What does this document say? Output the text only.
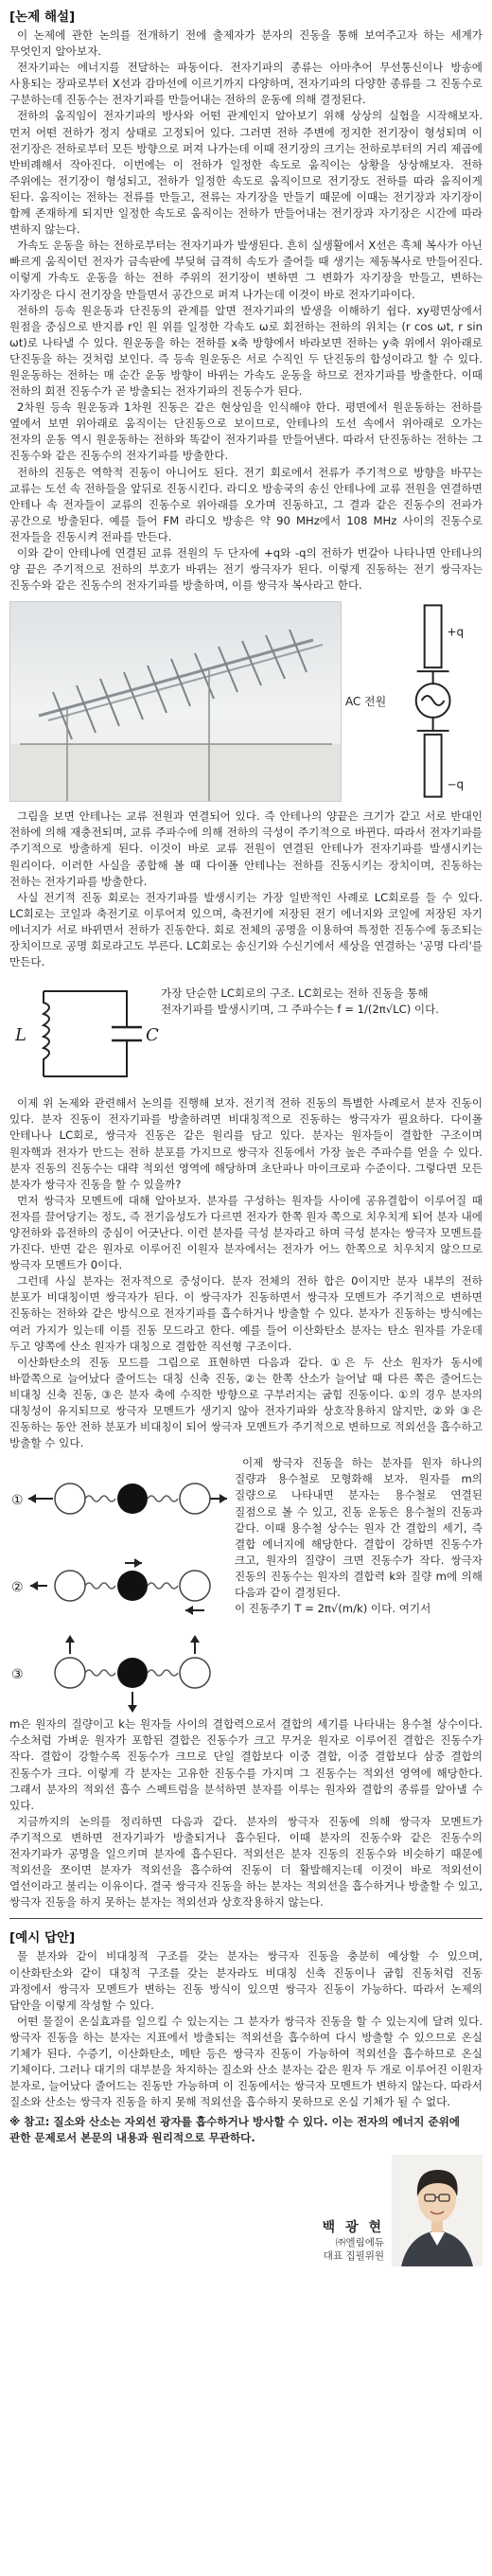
[논제 해설]

이 논제에 관한 논의를 전개하기 전에 출제자가 분자의 진동을 통해 보여주고자 하는 세계가 무엇인지 알아보자.

전자기파는 에너지를 전달하는 파동이다. 전자기파의 종류는 아마추어 무선통신이나 방송에 사용되는 장파로부터 X선과 감마선에 이르기까지 다양하며, 전자기파의 다양한 종류를 그 진동수로 구분하는데 진동수는 전자기파를 만들어내는 전하의 운동에 의해 결정된다.

전하의 움직임이 전자기파의 방사와 어떤 관계인지 알아보기 위해 상상의 실험을 시작해보자. 먼저 어떤 전하가 정지 상태로 고정되어 있다. 그러면 전하 주변에 정지한 전기장이 형성되며 이 전기장은 전하로부터 모든 방향으로 퍼져 나가는데 이때 전기장의 크기는 전하로부터의 거리 제곱에 반비례해서 작아진다. 이번에는 이 전하가 일정한 속도로 움직이는 상황을 상상해보자. 전하 주위에는 전기장이 형성되고, 전하가 일정한 속도로 움직이므로 전기장도 전하를 따라 움직이게 된다. 움직이는 전하는 전류를 만들고, 전류는 자기장을 만들기 때문에 이때는 전기장과 자기장이 함께 존재하게 되지만 일정한 속도로 움직이는 전하가 만들어내는 전기장과 자기장은 시간에 따라 변하지 않는다.

가속도 운동을 하는 전하로부터는 전자기파가 발생된다. 흔히 실생활에서 X선은 흑체 복사가 아닌 빠르게 움직이던 전자가 금속판에 부딪혀 급격히 속도가 줄어들 때 생기는 제동복사로 만들어진다. 이렇게 가속도 운동을 하는 전하 주위의 전기장이 변하면 그 변화가 자기장을 만들고, 변하는 자기장은 다시 전기장을 만들면서 공간으로 퍼져 나가는데 이것이 바로 전자기파이다.

전하의 등속 원운동과 단진동의 관계를 알면 전자기파의 발생을 이해하기 쉽다. xy평면상에서 원점을 중심으로 반지름 r인 원 위를 일정한 각속도 ω로 회전하는 전하의 위치는 (r cos ωt, r sin ωt)로 나타낼 수 있다. 원운동을 하는 전하를 x축 방향에서 바라보면 전하는 y축 위에서 위아래로 단진동을 하는 것처럼 보인다. 즉 등속 원운동은 서로 수직인 두 단진동의 합성이라고 할 수 있다. 원운동하는 전하는 매 순간 운동 방향이 바뀌는 가속도 운동을 하므로 전자기파를 방출한다. 이때 전하의 회전 진동수가 곧 방출되는 전자기파의 진동수가 된다.

2차원 등속 원운동과 1차원 진동은 같은 현상임을 인식해야 한다. 평면에서 원운동하는 전하를 옆에서 보면 위아래로 움직이는 단진동으로 보이므로, 안테나의 도선 속에서 위아래로 오가는 전자의 운동 역시 원운동하는 전하와 똑같이 전자기파를 만들어낸다. 따라서 단진동하는 전하는 그 진동수와 같은 진동수의 전자기파를 방출한다.

전하의 진동은 역학적 진동이 아니어도 된다. 전기 회로에서 전류가 주기적으로 방향을 바꾸는 교류는 도선 속 전하들을 앞뒤로 진동시킨다. 라디오 방송국의 송신 안테나에 교류 전원을 연결하면 안테나 속 전자들이 교류의 진동수로 위아래를 오가며 진동하고, 그 결과 같은 진동수의 전파가 공간으로 방출된다. 예를 들어 FM 라디오 방송은 약 90 MHz에서 108 MHz 사이의 진동수로 전자들을 진동시켜 전파를 만든다.

이와 같이 안테나에 연결된 교류 전원의 두 단자에 +q와 -q의 전하가 번갈아 나타나면 안테나의 양 끝은 주기적으로 전하의 부호가 바뀌는 전기 쌍극자가 된다. 이렇게 진동하는 전기 쌍극자는 진동수와 같은 진동수의 전자기파를 방출하며, 이를 쌍극자 복사라고 한다.

AC 전원
+q
−q

그림을 보면 안테나는 교류 전원과 연결되어 있다. 즉 안테나의 양끝은 크기가 같고 서로 반대인 전하에 의해 재충전되며, 교류 주파수에 의해 전하의 극성이 주기적으로 바뀐다. 따라서 전자기파를 주기적으로 방출하게 된다. 이것이 바로 교류 전원이 연결된 안테나가 전자기파를 발생시키는 원리이다. 이러한 사실을 종합해 볼 때 다이폴 안테나는 전하를 진동시키는 장치이며, 진동하는 전하는 전자기파를 방출한다.

사실 전기적 진동 회로는 전자기파를 발생시키는 가장 일반적인 사례로 LC회로를 들 수 있다. LC회로는 코일과 축전기로 이루어져 있으며, 축전기에 저장된 전기 에너지와 코일에 저장된 자기 에너지가 서로 바뀌면서 전하가 진동한다. 회로 전체의 공명을 이용하여 특정한 진동수에 동조되는 장치이므로 공명 회로라고도 부른다. LC회로는 송신기와 수신기에서 세상을 연결하는 '공명 다리'를 만든다.

L	C
가장 단순한 LC회로의 구조. LC회로는 전하 진동을 통해 전자기파를 발생시키며, 그 주파수는 f = 1/(2π√LC) 이다.

이제 위 논제와 관련해서 논의를 진행해 보자. 전기적 전하 진동의 특별한 사례로서 분자 진동이 있다. 분자 진동이 전자기파를 방출하려면 비대칭적으로 진동하는 쌍극자가 필요하다. 다이폴 안테나나 LC회로, 쌍극자 진동은 같은 원리를 담고 있다. 분자는 원자들이 결합한 구조이며 원자핵과 전자가 만드는 전하 분포를 가지므로 쌍극자 진동에서 가장 높은 주파수를 얻을 수 있다. 분자 진동의 진동수는 대략 적외선 영역에 해당하며 초단파나 마이크로파 수준이다. 그렇다면 모든 분자가 쌍극자 진동을 할 수 있을까?

먼저 쌍극자 모멘트에 대해 알아보자. 분자를 구성하는 원자들 사이에 공유결합이 이루어질 때 전자를 끌어당기는 정도, 즉 전기음성도가 다르면 전자가 한쪽 원자 쪽으로 치우치게 되어 분자 내에 양전하와 음전하의 중심이 어긋난다. 이런 분자를 극성 분자라고 하며 극성 분자는 쌍극자 모멘트를 가진다. 반면 같은 원자로 이루어진 이원자 분자에서는 전자가 어느 한쪽으로 치우치지 않으므로 쌍극자 모멘트가 0이다.

그런데 사실 분자는 전자적으로 중성이다. 분자 전체의 전하 합은 0이지만 분자 내부의 전하 분포가 비대칭이면 쌍극자가 된다. 이 쌍극자가 진동하면서 쌍극자 모멘트가 주기적으로 변하면 진동하는 전하와 같은 방식으로 전자기파를 흡수하거나 방출할 수 있다. 분자가 진동하는 방식에는 여러 가지가 있는데 이를 진동 모드라고 한다. 예를 들어 이산화탄소 분자는 탄소 원자를 가운데 두고 양쪽에 산소 원자가 대칭으로 결합한 직선형 구조이다.

이산화탄소의 진동 모드를 그림으로 표현하면 다음과 같다. ①은 두 산소 원자가 동시에 바깥쪽으로 늘어났다 줄어드는 대칭 신축 진동, ②는 한쪽 산소가 늘어날 때 다른 쪽은 줄어드는 비대칭 신축 진동, ③은 분자 축에 수직한 방향으로 구부러지는 굽힘 진동이다. ①의 경우 분자의 대칭성이 유지되므로 쌍극자 모멘트가 생기지 않아 전자기파와 상호작용하지 않지만, ②와 ③은 진동하는 동안 전하 분포가 비대칭이 되어 쌍극자 모멘트가 주기적으로 변하므로 적외선을 흡수하고 방출할 수 있다.

①
②
③

이제 쌍극자 진동을 하는 분자를 원자 하나의 질량과 용수철로 모형화해 보자. 원자를 m의 질량으로 나타내면 분자는 용수철로 연결된 질점으로 볼 수 있고, 진동 운동은 용수철의 진동과 같다. 이때 용수철 상수는 원자 간 결합의 세기, 즉 결합 에너지에 해당한다. 결합이 강하면 진동수가 크고, 원자의 질량이 크면 진동수가 작다. 쌍극자 진동의 진동수는 원자의 결합력 k와 질량 m에 의해 다음과 같이 결정된다.

이 진동주기 T = 2π√(m/k) 이다. 여기서

m은 원자의 질량이고 k는 원자들 사이의 결합력으로서 결합의 세기를 나타내는 용수철 상수이다. 수소처럼 가벼운 원자가 포함된 결합은 진동수가 크고 무거운 원자로 이루어진 결합은 진동수가 작다. 결합이 강할수록 진동수가 크므로 단일 결합보다 이중 결합, 이중 결합보다 삼중 결합의 진동수가 크다. 이렇게 각 분자는 고유한 진동수를 가지며 그 진동수는 적외선 영역에 해당한다. 그래서 분자의 적외선 흡수 스펙트럼을 분석하면 분자를 이루는 원자와 결합의 종류를 알아낼 수 있다.

지금까지의 논의를 정리하면 다음과 같다. 분자의 쌍극자 진동에 의해 쌍극자 모멘트가 주기적으로 변하면 전자기파가 방출되거나 흡수된다. 이때 분자의 진동수와 같은 진동수의 전자기파가 공명을 일으키며 분자에 흡수된다. 적외선은 분자 진동의 진동수와 비슷하기 때문에 적외선을 쪼이면 분자가 적외선을 흡수하여 진동이 더 활발해지는데 이것이 바로 적외선이 열선이라고 불리는 이유이다. 결국 쌍극자 진동을 하는 분자는 적외선을 흡수하거나 방출할 수 있고, 쌍극자 진동을 하지 못하는 분자는 적외선과 상호작용하지 않는다.

[예시 답안]

물 분자와 같이 비대칭적 구조를 갖는 분자는 쌍극자 진동을 충분히 예상할 수 있으며, 이산화탄소와 같이 대칭적 구조를 갖는 분자라도 비대칭 신축 진동이나 굽힘 진동처럼 진동 과정에서 쌍극자 모멘트가 변하는 진동 방식이 있으면 쌍극자 진동이 가능하다. 따라서 논제의 답안을 이렇게 작성할 수 있다.

어떤 물질이 온실효과를 일으킬 수 있는지는 그 분자가 쌍극자 진동을 할 수 있는지에 달려 있다. 쌍극자 진동을 하는 분자는 지표에서 방출되는 적외선을 흡수하여 다시 방출할 수 있으므로 온실 기체가 된다. 수증기, 이산화탄소, 메탄 등은 쌍극자 진동이 가능하여 적외선을 흡수하므로 온실 기체이다. 그러나 대기의 대부분을 차지하는 질소와 산소 분자는 같은 원자 두 개로 이루어진 이원자 분자로, 늘어났다 줄어드는 진동만 가능하며 이 진동에서는 쌍극자 모멘트가 변하지 않는다. 따라서 질소와 산소는 쌍극자 진동을 하지 못해 적외선을 흡수하지 못하므로 온실 기체가 될 수 없다.

※ 참고: 질소와 산소는 자외선 광자를 흡수하거나 방사할 수 있다. 이는 전자의 에너지 준위에 관한 문제로서 본문의 내용과 원리적으로 무관하다.
백 광 현
㈜엘림에듀
대표 집필위원
